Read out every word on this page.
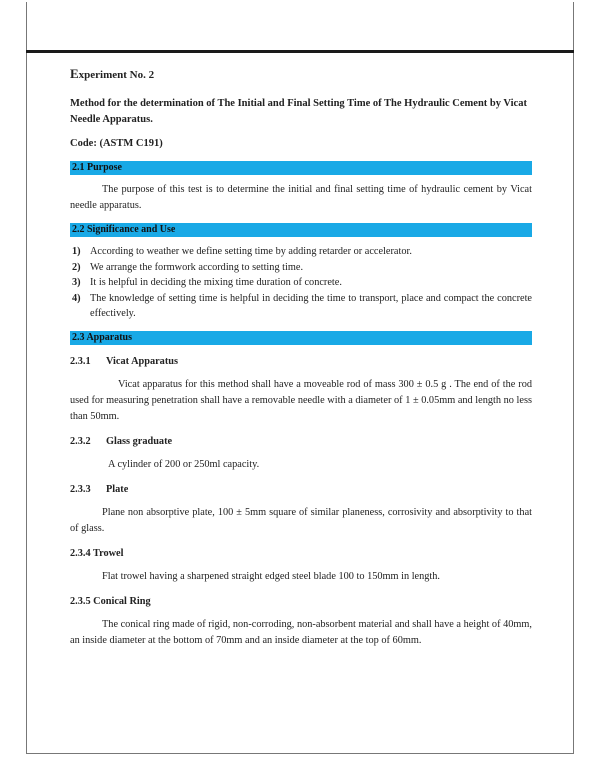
Experiment No. 2
Method for the determination of The Initial and Final Setting Time of The Hydraulic Cement by Vicat Needle Apparatus.
Code: (ASTM C191)
2.1 Purpose

The purpose of this test is to determine the initial and final setting time of hydraulic cement by Vicat needle apparatus.

2.2 Significance and Use
1) According to weather we define setting time by adding retarder or accelerator.
2) We arrange the formwork according to setting time.
3) It is helpful in deciding the mixing time duration of concrete.
4) The knowledge of setting time is helpful in deciding the time to transport, place and compact the concrete effectively.
2.3 Apparatus
2.3.1 Vicat Apparatus

Vicat apparatus for this method shall have a moveable rod of mass 300 ± 0.5 g . The end of the rod used for measuring penetration shall have a removable needle with a diameter of 1 ± 0.05mm and length no less than 50mm.

2.3.2 Glass graduate

A cylinder of 200 or 250ml capacity.

2.3.3 Plate

Plane non absorptive plate, 100 ± 5mm square of similar planeness, corrosivity and absorptivity to that of glass.

2.3.4 Trowel

Flat trowel having a sharpened straight edged steel blade 100 to 150mm in length.

2.3.5 Conical Ring

The conical ring made of rigid, non-corroding, non-absorbent material and shall have a height of 40mm, an inside diameter at the bottom of 70mm and an inside diameter at the top of 60mm.
